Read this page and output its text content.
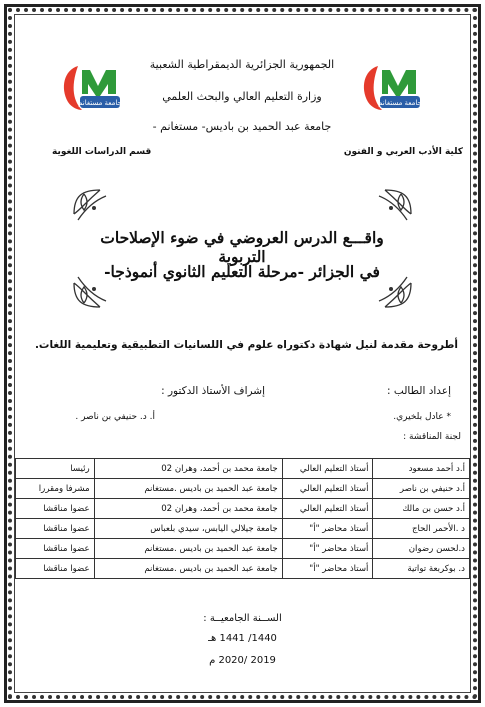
جامعة مستغانم	جامعة مستغانم
الجمهورية الجزائرية الديمقراطية الشعبية
وزارة التعليم العالي والبحث العلمي
جامعة عبد الحميد بن باديس- مستغانم -
كلية الأدب العربي و الفنون
قسم الدراسات اللغوية
واقـــع الدرس العروضي في ضوء الإصلاحات التربوية
في الجزائر -مرحلة التعليم الثانوي أنموذجا-
أطروحة مقدمة لنيل شهادة دكتوراه علوم في اللسانيات التطبيقية وتعليمية اللغات.
إعداد الطالب :
إشراف الأستاذ الدكتور :
* عادل بلخيري.
أ. د. حنيفي بن ناصر .
لجنة المناقشة :
أ.د أحمد مسعود	أستاذ التعليم العالي	جامعة محمد بن أحمد، وهران 02	رئيسا
أ.د حنيفي بن ناصر	أستاذ التعليم العالي	جامعة عبد الحميد بن باديس .مستغانم	مشرفا ومقررا
أ.د حسن بن مالك	أستاذ التعليم العالي	جامعة محمد بن أحمد، وهران 02	عضوا مناقشا
د .الأحمر الحاج	أستاذ محاضر "أ"	جامعة جيلالي اليابس، سيدي بلعباس	عضوا مناقشا
د.لحسن رضوان	أستاذ محاضر "أ"	جامعة عبد الحميد بن باديس .مستغانم	عضوا مناقشا
د. بوكربعة تواتية	أستاذ محاضر "أ"	جامعة عبد الحميد بن باديس .مستغانم	عضوا مناقشا
الســنة الجامعيــة :
1440/ 1441 هـ
2019 /2020 م
